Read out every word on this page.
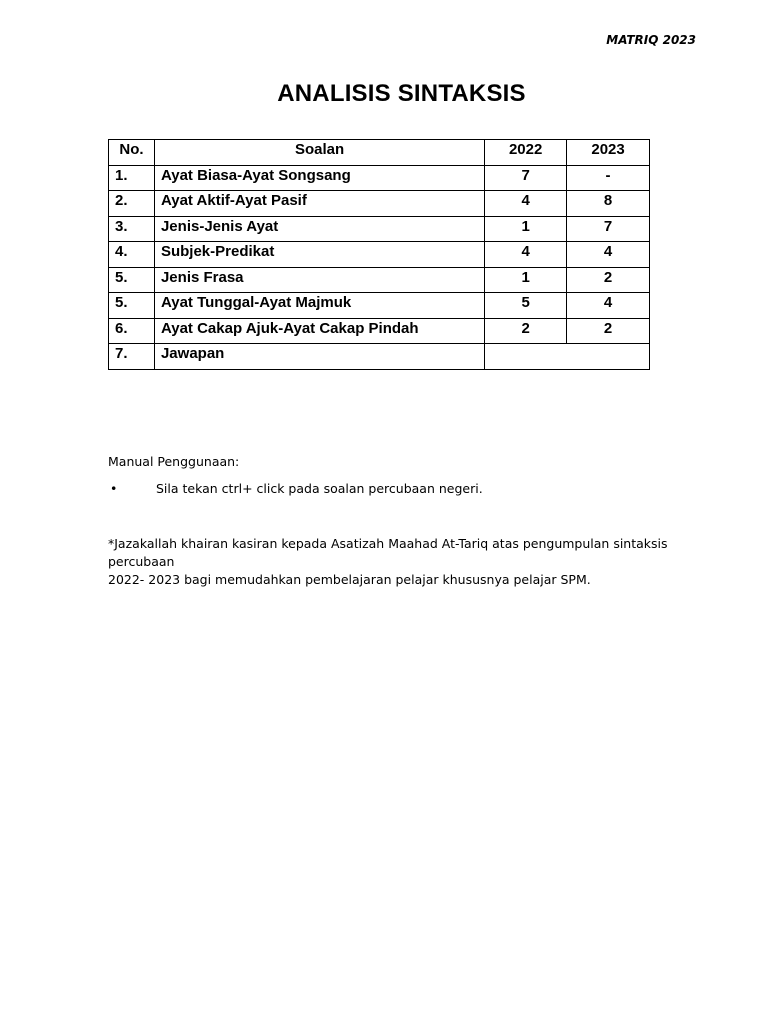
MATRIQ 2023
ANALISIS SINTAKSIS
No.	Soalan	2022	2023
1.	Ayat Biasa-Ayat Songsang	7	-
2.	Ayat Aktif-Ayat Pasif	4	8
3.	Jenis-Jenis Ayat	1	7
4.	Subjek-Predikat	4	4
5.	Jenis Frasa	1	2
5.	Ayat Tunggal-Ayat Majmuk	5	4
6.	Ayat Cakap Ajuk-Ayat Cakap Pindah	2	2
7.	Jawapan		
Manual Penggunaan:
•	Sila tekan ctrl+ click pada soalan percubaan negeri.
*Jazakallah khairan kasiran kepada Asatizah Maahad At-Tariq atas pengumpulan sintaksis percubaan
2022- 2023 bagi memudahkan pembelajaran pelajar khususnya pelajar SPM.
